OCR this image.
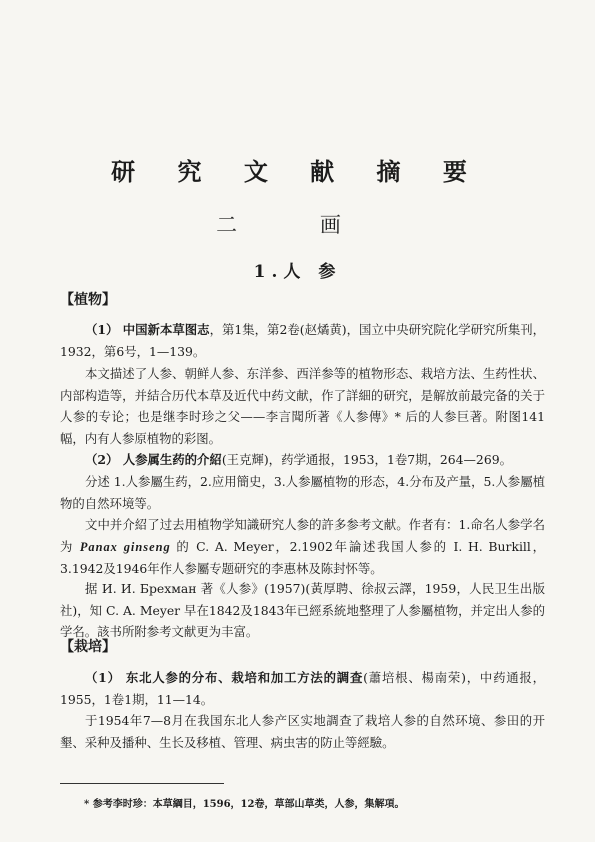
研 究 文 献 摘 要
二 画
1.人 参
【植物】
（1） 中国新本草图志，第1集，第2卷(赵燏黄)，国立中央研究院化学研究所集刊，1932，第6号，1—139。
本文描述了人参、朝鲜人参、东洋参、西洋参等的植物形态、栽培方法、生药性状、内部构造等，并結合历代本草及近代中药文献，作了詳細的研究，是解放前最完备的关于人参的专论；也是继李时珍之父——李言聞所著《人参傳》* 后的人参巨著。附图141幅，内有人参原植物的彩图。
（2） 人参属生药的介紹(王克輝)，药学通报，1953，1卷7期，264—269。
分述 1.人参屬生药，2.应用簡史，3.人参屬植物的形态，4.分布及产量，5.人参屬植物的自然环境等。
文中并介紹了过去用植物学知識研究人参的許多参考文献。作者有：1.命名人参学名为 Panax ginseng 的 C. A. Meyer，2.1902年論述我国人参的 I. H. Burkill，3.1942及1946年作人参屬专题研究的李惠林及陈封怀等。
据 И. И. Брехман 著《人参》(1957)(黃厚聘、徐叔云譯，1959，人民卫生出版社)，知 C. A. Meyer 早在1842及1843年已經系統地整理了人参屬植物，并定出人参的学名。該书所附参考文献更为丰富。
【栽培】
（1） 东北人参的分布、栽培和加工方法的調查(蕭培根、楊南荣)，中药通报，1955，1卷1期，11—14。
于1954年7—8月在我国东北人参产区实地調查了栽培人参的自然环境、参田的开墾、采种及播种、生长及移植、管理、病虫害的防止等經驗。
* 参考李时珍：本草綱目，1596，12卷，草部山草类，人参，集解項。
